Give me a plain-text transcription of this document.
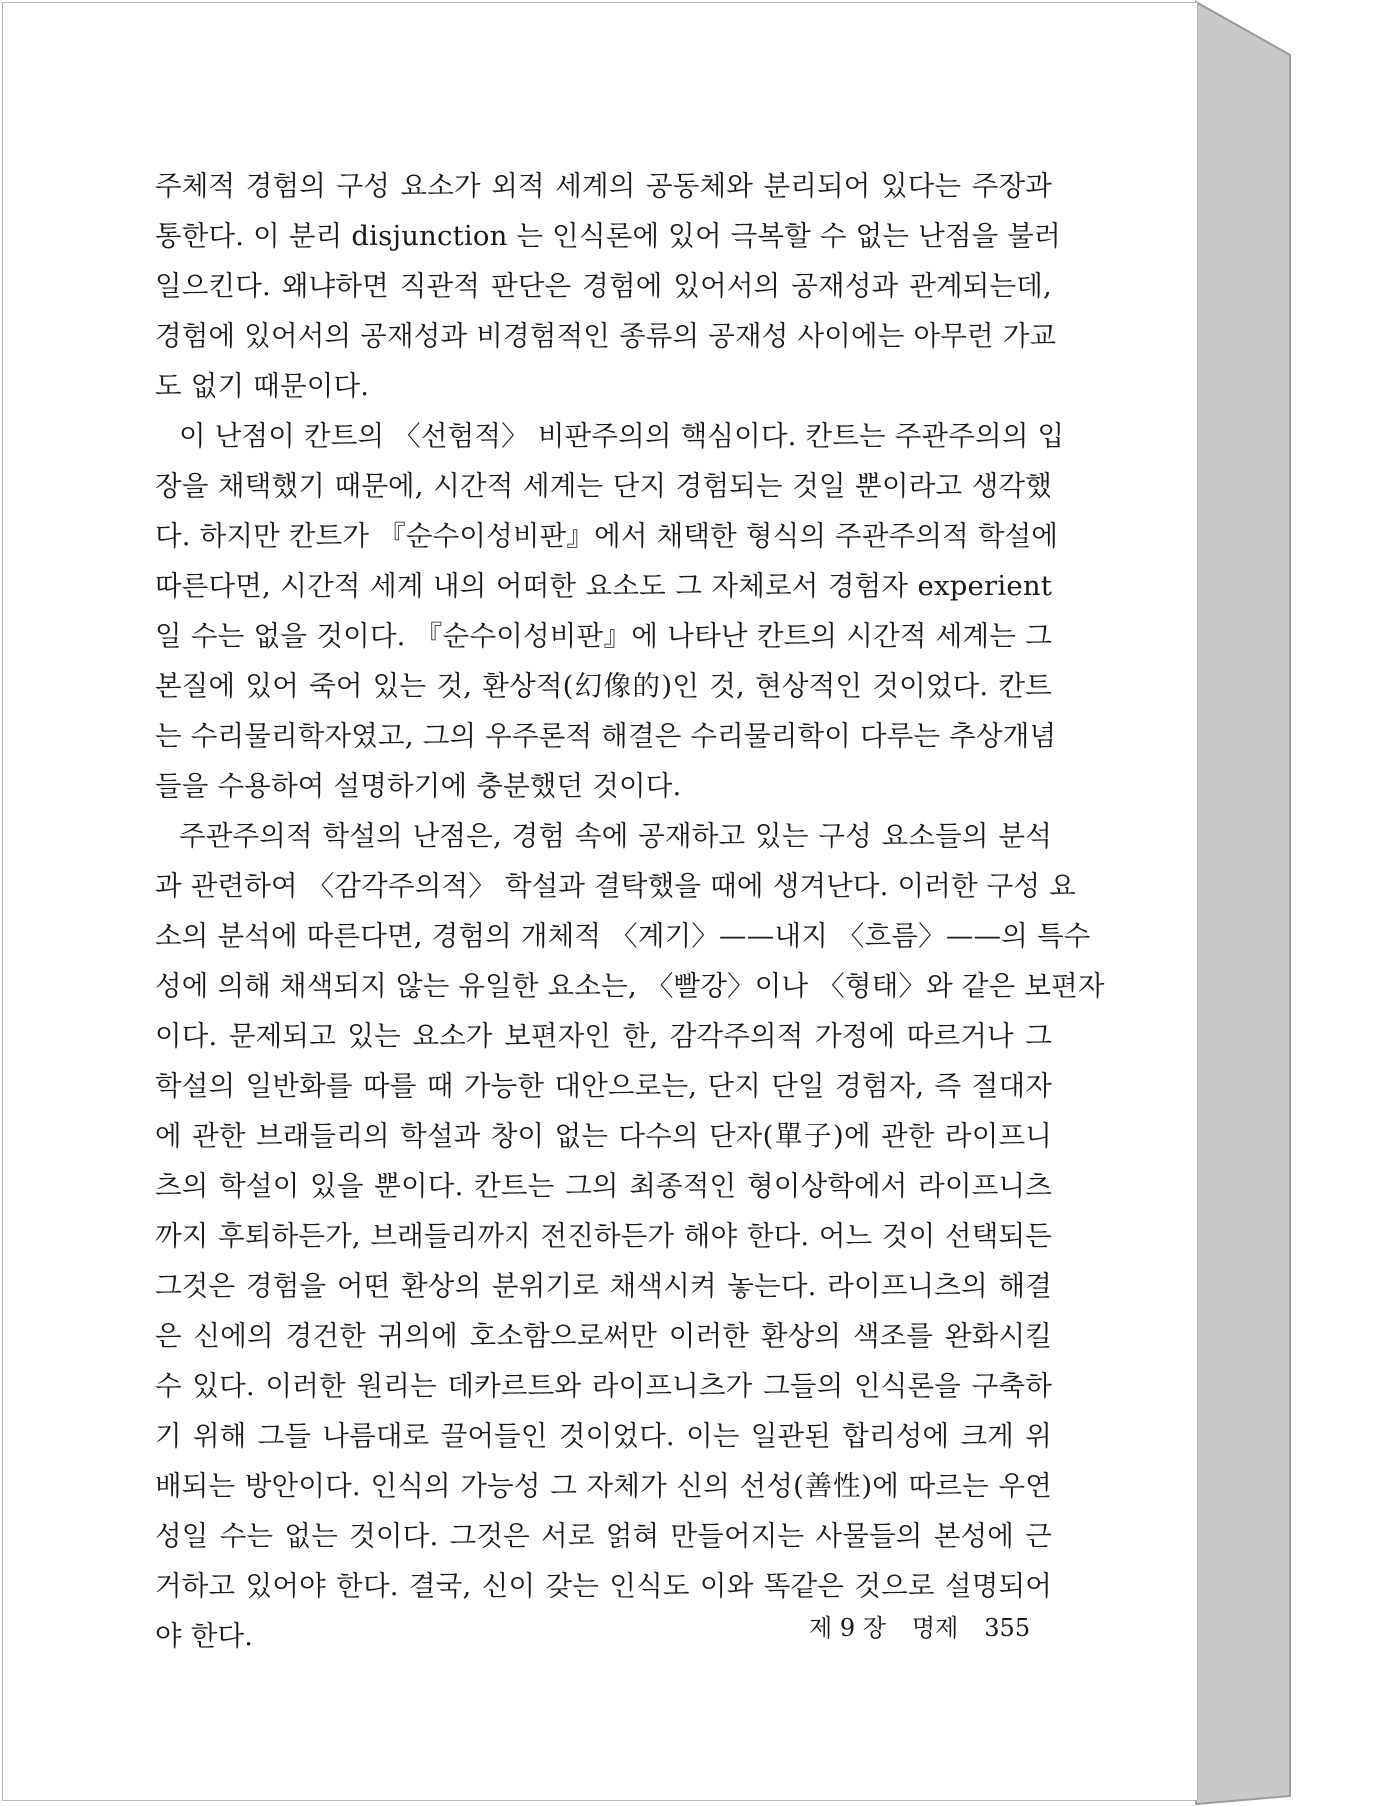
주체적 경험의 구성 요소가 외적 세계의 공동체와 분리되어 있다는 주장과
통한다. 이 분리 disjunction 는 인식론에 있어 극복할 수 없는 난점을 불러
일으킨다. 왜냐하면 직관적 판단은 경험에 있어서의 공재성과 관계되는데,
경험에 있어서의 공재성과 비경험적인 종류의 공재성 사이에는 아무런 가교
도 없기 때문이다.
이 난점이 칸트의 〈선험적〉 비판주의의 핵심이다. 칸트는 주관주의의 입
장을 채택했기 때문에, 시간적 세계는 단지 경험되는 것일 뿐이라고 생각했
다. 하지만 칸트가 『순수이성비판』에서 채택한 형식의 주관주의적 학설에
따른다면, 시간적 세계 내의 어떠한 요소도 그 자체로서 경험자 experient
일 수는 없을 것이다. 『순수이성비판』에 나타난 칸트의 시간적 세계는 그
본질에 있어 죽어 있는 것, 환상적(幻像的)인 것, 현상적인 것이었다. 칸트
는 수리물리학자였고, 그의 우주론적 해결은 수리물리학이 다루는 추상개념
들을 수용하여 설명하기에 충분했던 것이다.
주관주의적 학설의 난점은, 경험 속에 공재하고 있는 구성 요소들의 분석
과 관련하여 〈감각주의적〉 학설과 결탁했을 때에 생겨난다. 이러한 구성 요
소의 분석에 따른다면, 경험의 개체적 〈계기〉——내지 〈흐름〉——의 특수
성에 의해 채색되지 않는 유일한 요소는, 〈빨강〉이나 〈형태〉와 같은 보편자
이다. 문제되고 있는 요소가 보편자인 한, 감각주의적 가정에 따르거나 그
학설의 일반화를 따를 때 가능한 대안으로는, 단지 단일 경험자, 즉 절대자
에 관한 브래들리의 학설과 창이 없는 다수의 단자(單子)에 관한 라이프니
츠의 학설이 있을 뿐이다. 칸트는 그의 최종적인 형이상학에서 라이프니츠
까지 후퇴하든가, 브래들리까지 전진하든가 해야 한다. 어느 것이 선택되든
그것은 경험을 어떤 환상의 분위기로 채색시켜 놓는다. 라이프니츠의 해결
은 신에의 경건한 귀의에 호소함으로써만 이러한 환상의 색조를 완화시킬
수 있다. 이러한 원리는 데카르트와 라이프니츠가 그들의 인식론을 구축하
기 위해 그들 나름대로 끌어들인 것이었다. 이는 일관된 합리성에 크게 위
배되는 방안이다. 인식의 가능성 그 자체가 신의 선성(善性)에 따르는 우연
성일 수는 없는 것이다. 그것은 서로 얽혀 만들어지는 사물들의 본성에 근
거하고 있어야 한다. 결국, 신이 갖는 인식도 이와 똑같은 것으로 설명되어
야 한다.	제 9 장 명제 355
